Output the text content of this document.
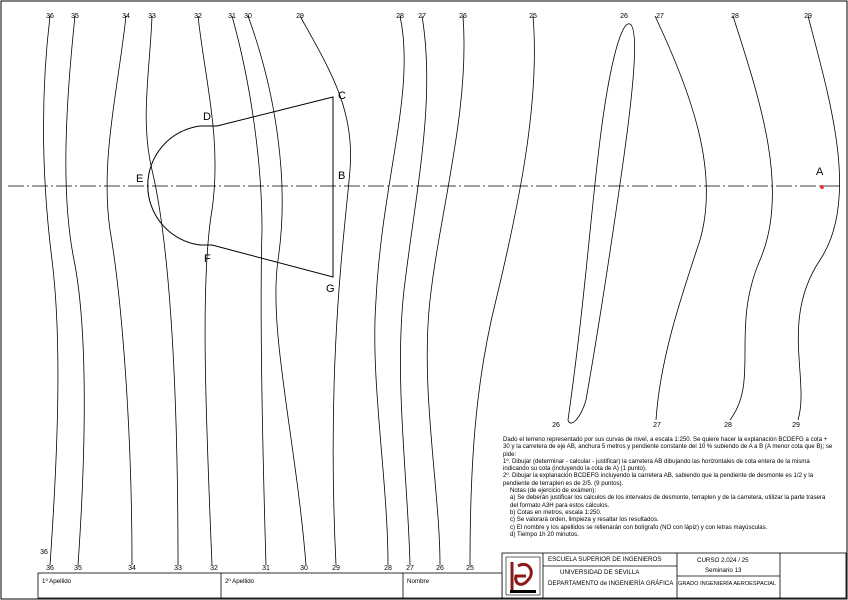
36 35	34	33	32	31 30	29	28 27	26	25	26	27	28	29
36	35	34	33	32	31	30	29	28 27	26	25
36
26	27	28	29
A
B
C
D
E
F
G
ESCUELA SUPERIOR DE INGENIEROS
UNIVERSIDAD DE SEVILLA
DEPARTAMENTO de INGENIERÍA GRÁFICA
CURSO 2.024 / 25
Seminario 13
GRADO INGENIERÍA AEROESPACIAL
1º Apellido	2º Apellido	Nombre

Dado el terreno representado por sus curvas de nivel, a escala 1:250. Se quiere hacer la explanación BCDEFG a cota + 30 y la carretera de eje AB, anchura 5 metros y pendiente constante del 10 % subiendo de A a B (A menor cota que B); se pide:

1º. Dibujar (determinar - calcular - justificar) la carretera AB dibujando las horizontales de cota entera de la misma indicando su cota (incluyendo la cota de A) (1 punto).

2º. Dibujar la explanación BCDEFG incluyendo la carretera AB, sabiendo que la pendiente de desmonte es 1/2 y la pendiente de terraplen es de 2/5. (9 puntos).

Notas (de ejercicio de exámen):

a) Se deberán justificar los calculos de los intervalos de desmonte, terraplen y de la carretera, utilizar la parte trasera del formato A3H para estos cálculos.

b) Cotas en metros, escala 1:250.

c) Se valorará orden, limpieza y resaltar los resultados.

c) El nombre y los apellidos se rellenarán con bolígrafo (NO con lápiz) y con letras mayúsculas.

d) Tiempo 1h 20 minutos.
